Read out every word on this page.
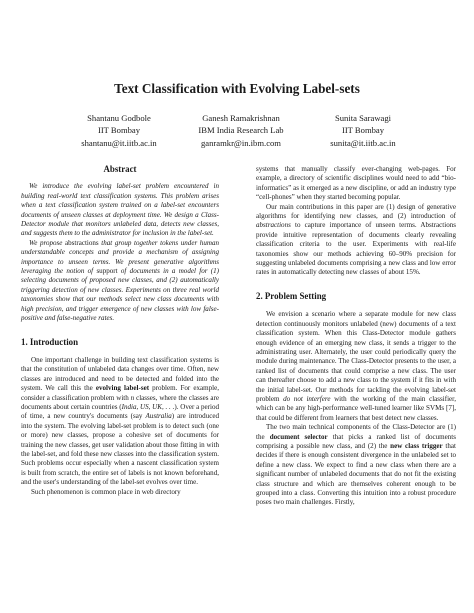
Text Classification with Evolving Label-sets
Shantanu Godbole
IIT Bombay
shantanu@it.iitb.ac.in
Ganesh Ramakrishnan
IBM India Research Lab
ganramkr@in.ibm.com
Sunita Sarawagi
IIT Bombay
sunita@it.iitb.ac.in
Abstract

We introduce the evolving label-set problem encountered in building real-world text classification systems. This problem arises when a text classification system trained on a label-set encounters documents of unseen classes at deployment time. We design a Class-Detector module that monitors unlabeled data, detects new classes, and suggests them to the administrator for inclusion in the label-set.

We propose abstractions that group together tokens under human understandable concepts and provide a mechanism of assigning importance to unseen terms. We present generative algorithms leveraging the notion of support of documents in a model for (1) selecting documents of proposed new classes, and (2) automatically triggering detection of new classes. Experiments on three real world taxonomies show that our methods select new class documents with high precision, and trigger emergence of new classes with low false-positive and false-negative rates.

1. Introduction

One important challenge in building text classification systems is that the constitution of unlabeled data changes over time. Often, new classes are introduced and need to be detected and folded into the system. We call this the evolving label-set problem. For example, consider a classification problem with n classes, where the classes are documents about certain countries (India, US, UK, . . .). Over a period of time, a new country's documents (say Australia) are introduced into the system. The evolving label-set problem is to detect such (one or more) new classes, propose a cohesive set of documents for training the new classes, get user validation about those fitting in with the label-set, and fold these new classes into the classification system. Such problems occur especially when a nascent classification system is built from scratch, the entire set of labels is not known beforehand, and the user's understanding of the label-set evolves over time.

Such phenomenon is common place in web directory

systems that manually classify ever-changing web-pages. For example, a directory of scientific disciplines would need to add “bio-informatics” as it emerged as a new discipline, or add an industry type “cell-phones” when they started becoming popular.

Our main contributions in this paper are (1) design of generative algorithms for identifying new classes, and (2) introduction of abstractions to capture importance of unseen terms. Abstractions provide intuitive representation of documents clearly revealing classification criteria to the user. Experiments with real-life taxonomies show our methods achieving 60–90% precision for suggesting unlabeled documents comprising a new class and low error rates in automatically detecting new classes of about 15%.

2. Problem Setting

We envision a scenario where a separate module for new class detection continuously monitors unlabeled (new) documents of a text classification system. When this Class-Detector module gathers enough evidence of an emerging new class, it sends a trigger to the administrating user. Alternately, the user could periodically query the module during maintenance. The Class-Detector presents to the user, a ranked list of documents that could comprise a new class. The user can thereafter choose to add a new class to the system if it fits in with the initial label-set. Our methods for tackling the evolving label-set problem do not interfere with the working of the main classifier, which can be any high-performance well-tuned learner like SVMs [7], that could be different from learners that best detect new classes.

The two main technical components of the Class-Detector are (1) the document selector that picks a ranked list of documents comprising a possible new class, and (2) the new class trigger that decides if there is enough consistent divergence in the unlabeled set to define a new class. We expect to find a new class when there are a significant number of unlabeled documents that do not fit the existing class structure and which are themselves coherent enough to be grouped into a class. Converting this intuition into a robust procedure poses two main challenges. Firstly,
